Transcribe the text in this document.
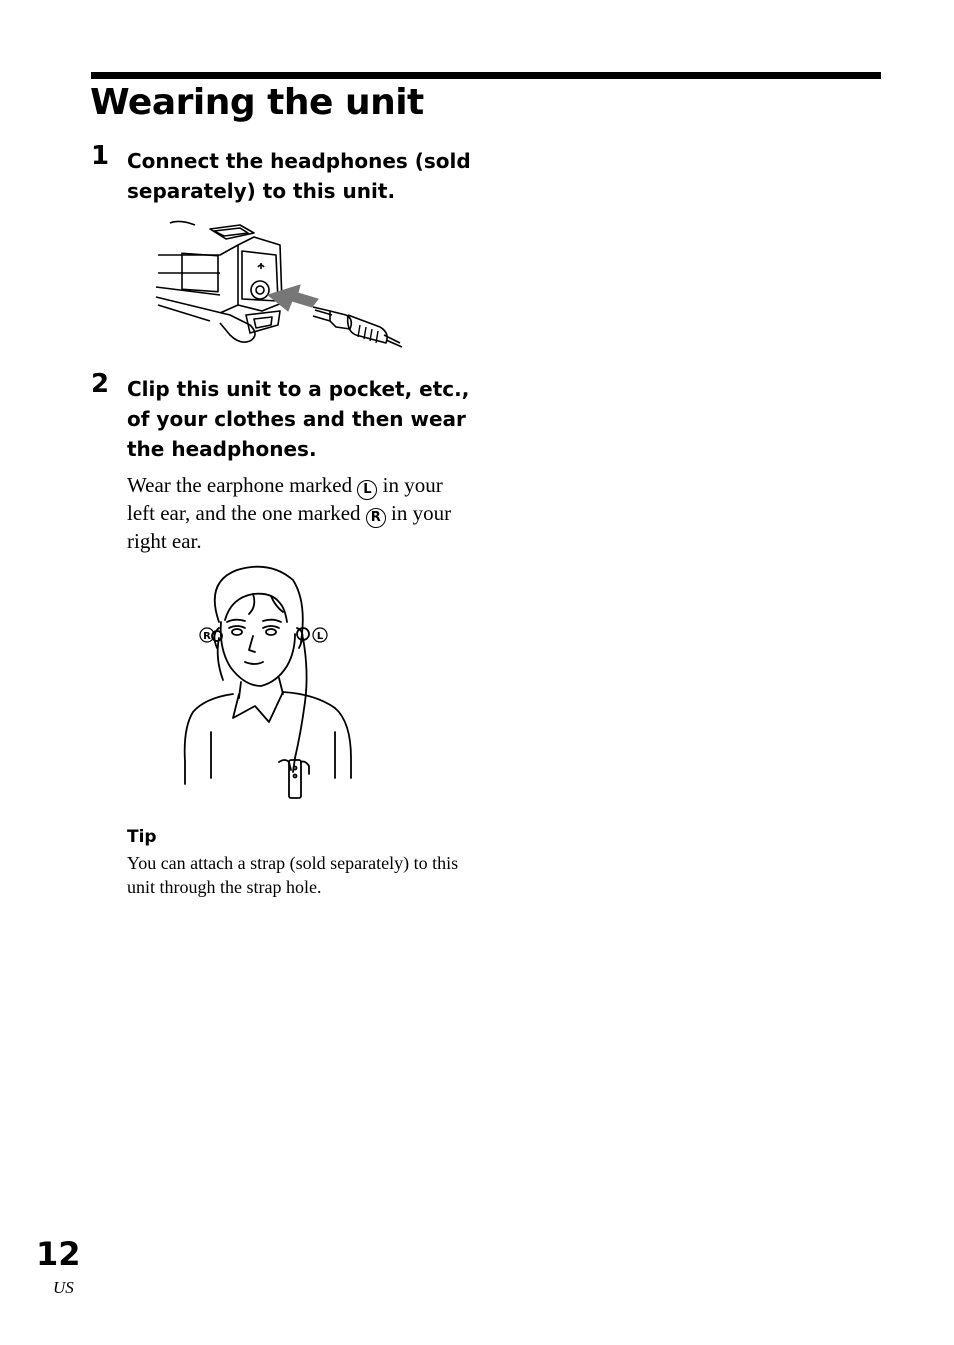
Wearing the unit
1 Connect the headphones (sold separately) to this unit.
2 Clip this unit to a pocket, etc., of your clothes and then wear the headphones.
Wear the earphone marked L in your left ear, and the one marked R in your right ear.
R	L
Tip
You can attach a strap (sold separately) to this unit through the strap hole.
12
US
